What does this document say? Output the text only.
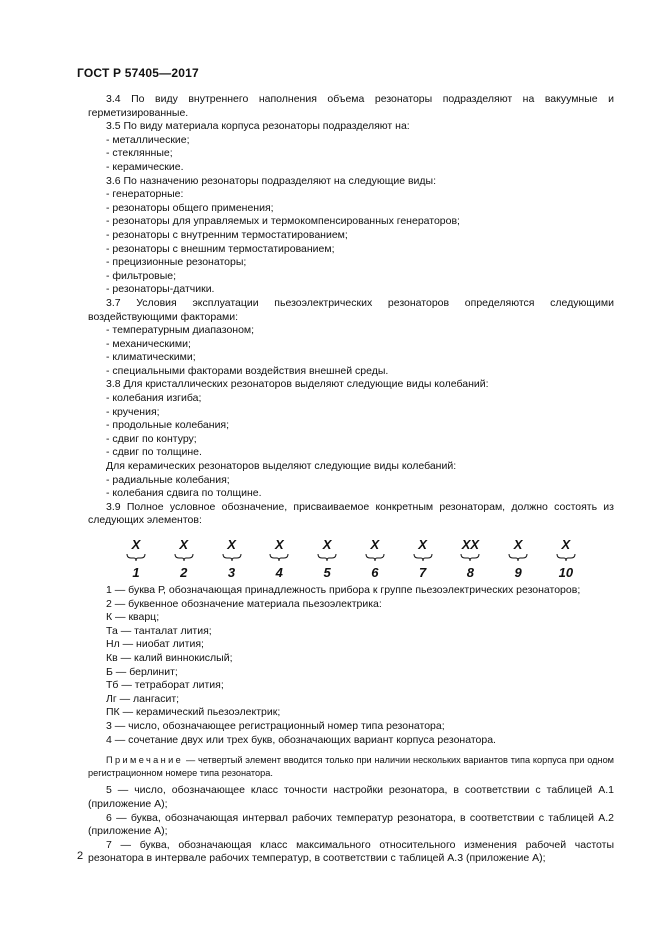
ГОСТ Р 57405—2017

3.4 По виду внутреннего наполнения объема резонаторы подразделяют на вакуумные и герметизированные.

3.5 По виду материала корпуса резонаторы подразделяют на:

- металлические;

- стеклянные;

- керамические.

3.6 По назначению резонаторы подразделяют на следующие виды:

- генераторные:

- резонаторы общего применения;

- резонаторы для управляемых и термокомпенсированных генераторов;

- резонаторы с внутренним термостатированием;

- резонаторы с внешним термостатированием;

- прецизионные резонаторы;

- фильтровые;

- резонаторы-датчики.

3.7 Условия эксплуатации пьезоэлектрических резонаторов определяются следующими воздействующими факторами:

- температурным диапазоном;

- механическими;

- климатическими;

- специальными факторами воздействия внешней среды.

3.8 Для кристаллических резонаторов выделяют следующие виды колебаний:

- колебания изгиба;

- кручения;

- продольные колебания;

- сдвиг по контуру;

- сдвиг по толщине.

Для керамических резонаторов выделяют следующие виды колебаний:

- радиальные колебания;

- колебания сдвига по толщине.

3.9 Полное условное обозначение, присваиваемое конкретным резонаторам, должно состоять из следующих элементов:

X
1
X
2
X
3
X
4
X
5
X
6
X
7
XX
8
X
9
X
10

1 — буква Р, обозначающая принадлежность прибора к группе пьезоэлектрических резонаторов;

2 — буквенное обозначение материала пьезоэлектрика:

К — кварц;

Та — танталат лития;

Нл — ниобат лития;

Кв — калий виннокислый;

Б — берлинит;

Тб — тетраборат лития;

Лг — лангасит;

ПК — керамический пьезоэлектрик;

3 — число, обозначающее регистрационный номер типа резонатора;

4 — сочетание двух или трех букв, обозначающих вариант корпуса резонатора.

Примечание — четвертый элемент вводится только при наличии нескольких вариантов типа корпуса при одном регистрационном номере типа резонатора.

5 — число, обозначающее класс точности настройки резонатора, в соответствии с таблицей А.1 (приложение А);

6 — буква, обозначающая интервал рабочих температур резонатора, в соответствии с таблицей А.2 (приложение А);

7 — буква, обозначающая класс максимального относительного изменения рабочей частоты резонатора в интервале рабочих температур, в соответствии с таблицей А.3 (приложение А);

2
